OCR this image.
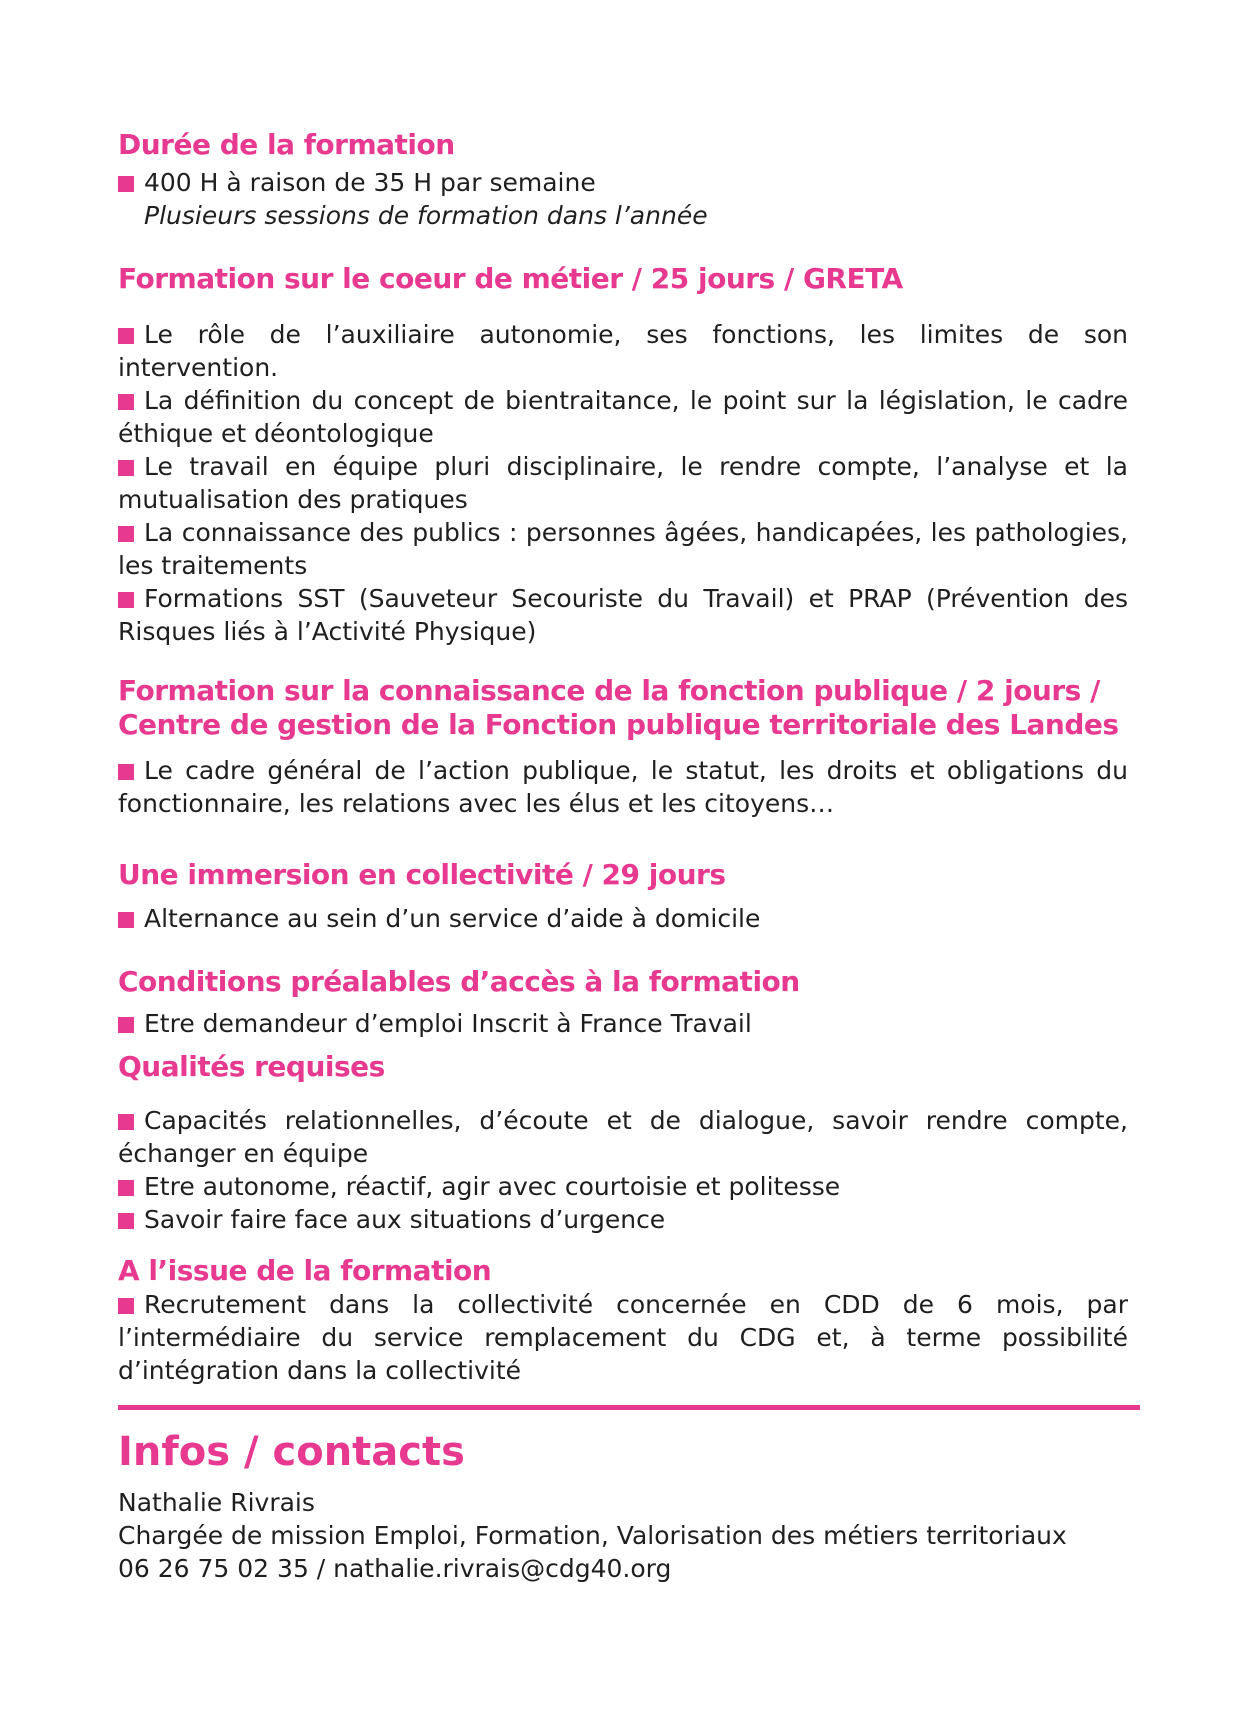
Durée de la formation

400 H à raison de 35 H par semaine

Plusieurs sessions de formation dans l’année

Formation sur le coeur de métier / 25 jours / GRETA
Le rôle de l’auxiliaire autonomie, ses fonctions, les limites de son intervention.
La définition du concept de bientraitance, le point sur la législation, le cadre éthique et déontologique
Le travail en équipe pluri disciplinaire, le rendre compte, l’analyse et la mutualisation des pratiques
La connaissance des publics : personnes âgées, handicapées, les pathologies, les traitements
Formations SST (Sauveteur Secouriste du Travail) et PRAP (Prévention des Risques liés à l’Activité Physique)
Formation sur la connaissance de la fonction publique / 2 jours /
Centre de gestion de la Fonction publique territoriale des Landes
Le cadre général de l’action publique, le statut, les droits et obligations du fonctionnaire, les relations avec les élus et les citoyens…
Une immersion en collectivité / 29 jours
Alternance au sein d’un service d’aide à domicile
Conditions préalables d’accès à la formation
Etre demandeur d’emploi Inscrit à France Travail
Qualités requises
Capacités relationnelles, d’écoute et de dialogue, savoir rendre compte, échanger en équipe
Etre autonome, réactif, agir avec courtoisie et politesse
Savoir faire face aux situations d’urgence
A l’issue de la formation
Recrutement dans la collectivité concernée en CDD de 6 mois, par l’intermédiaire du service remplacement du CDG et, à terme possibilité d’intégration dans la collectivité
Infos / contacts

Nathalie Rivrais

Chargée de mission Emploi, Formation, Valorisation des métiers territoriaux

06 26 75 02 35 / nathalie.rivrais@cdg40.org
